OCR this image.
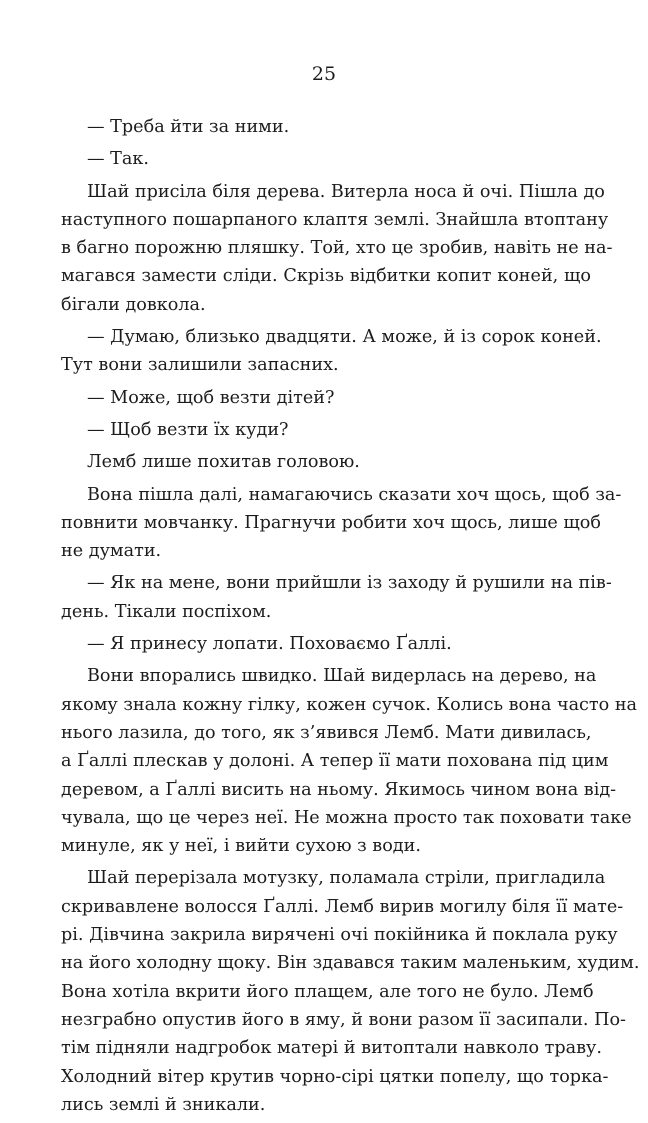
25
— Треба йти за ними.
— Так.
Шай присіла біля дерева. Витерла носа й очі. Пішла до
наступного пошарпаного клаптя землі. Знайшла втоптану
в багно порожню пляшку. Той, хто це зробив, навіть не на-
магався замести сліди. Скрізь відбитки копит коней, що
бігали довкола.
— Думаю, близько двадцяти. А може, й із сорок коней.
Тут вони залишили запасних.
— Може, щоб везти дітей?
— Щоб везти їх куди?
Лемб лише похитав головою.
Вона пішла далі, намагаючись сказати хоч щось, щоб за-
повнити мовчанку. Прагнучи робити хоч щось, лише щоб
не думати.
— Як на мене, вони прийшли із заходу й рушили на пів-
день. Тікали поспіхом.
— Я принесу лопати. Поховаємо Ґаллі.
Вони впорались швидко. Шай видерлась на дерево, на
якому знала кожну гілку, кожен сучок. Колись вона часто на
нього лазила, до того, як з’явився Лемб. Мати дивилась,
а Ґаллі плескав у долоні. А тепер її мати похована під цим
деревом, а Ґаллі висить на ньому. Якимось чином вона від-
чувала, що це через неї. Не можна просто так поховати таке
минуле, як у неї, і вийти сухою з води.
Шай перерізала мотузку, поламала стріли, пригладила
скривавлене волосся Ґаллі. Лемб вирив могилу біля її мате-
рі. Дівчина закрила вирячені очі покійника й поклала руку
на його холодну щоку. Він здавався таким маленьким, худим.
Вона хотіла вкрити його плащем, але того не було. Лемб
незграбно опустив його в яму, й вони разом її засипали. По-
тім підняли надгробок матері й витоптали навколо траву.
Холодний вітер крутив чорно-сірі цятки попелу, що торка-
лись землі й зникали.
